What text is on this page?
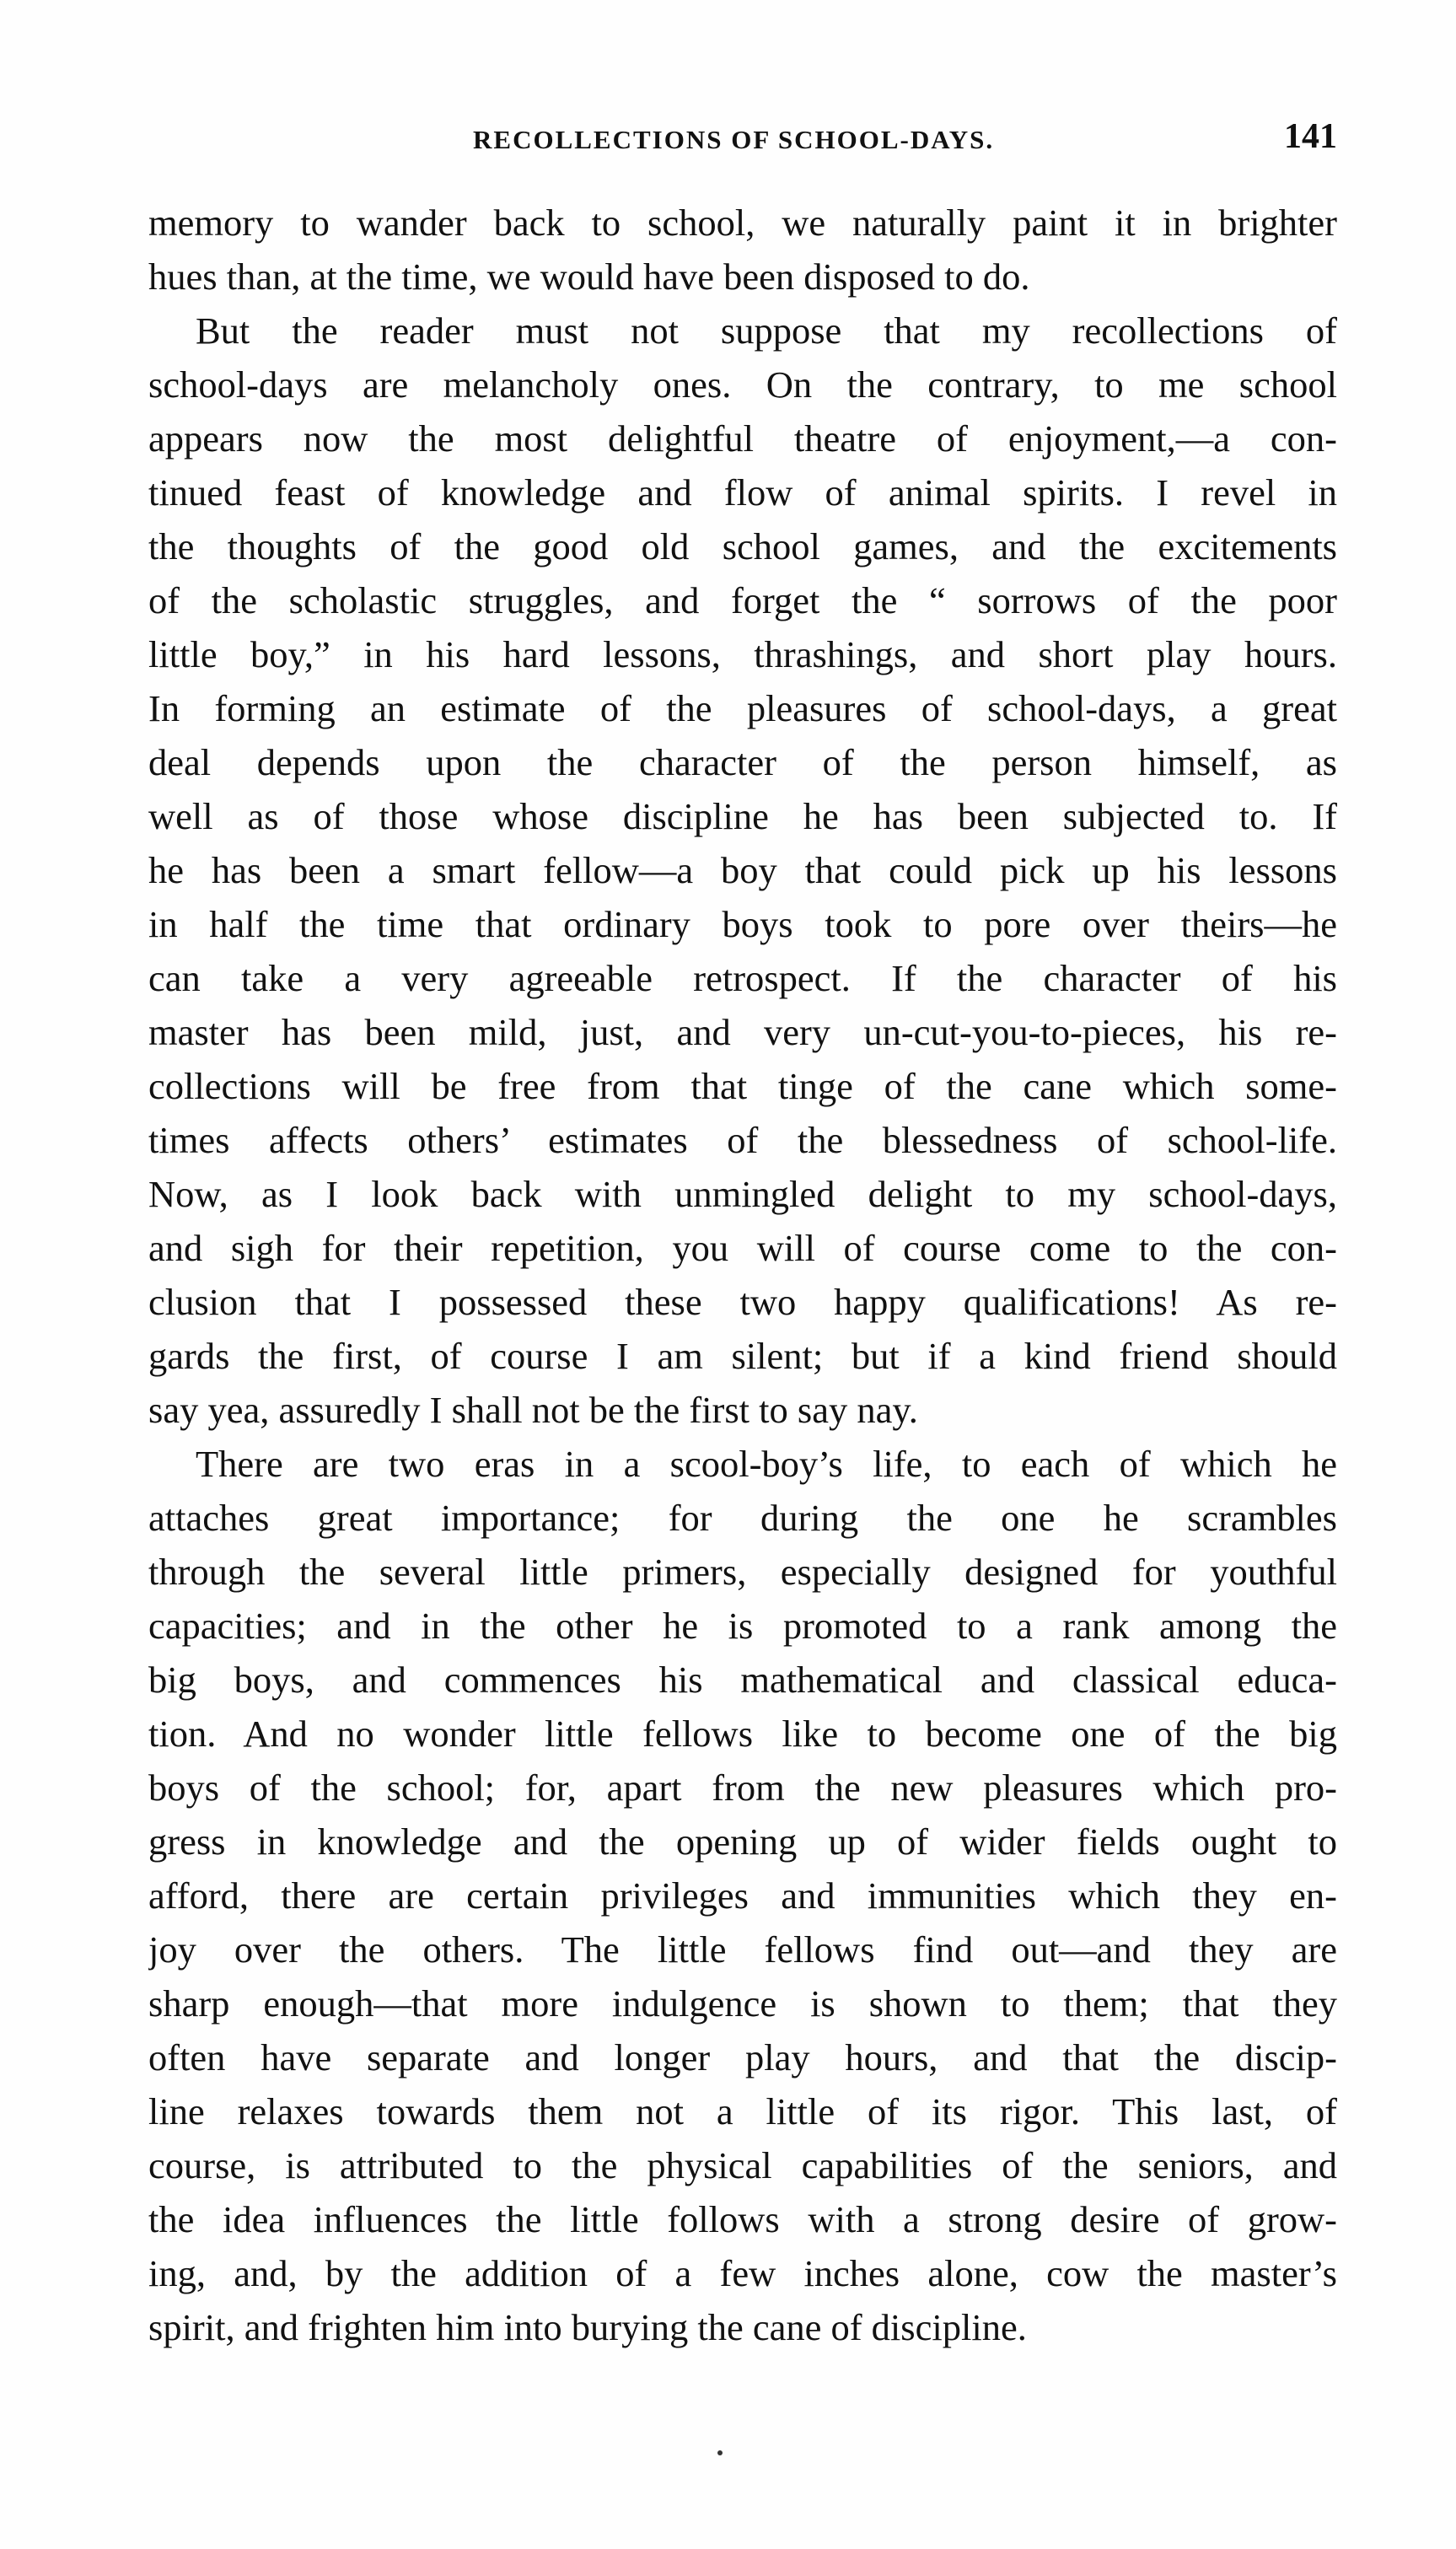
RECOLLECTIONS OF SCHOOL-DAYS.	141
memory to wander back to school, we naturally paint it in brighter
hues than, at the time, we would have been disposed to do.
But the reader must not suppose that my recollections of
school-days are melancholy ones. On the contrary, to me school
appears now the most delightful theatre of enjoyment,—a con-
tinued feast of knowledge and flow of animal spirits. I revel in
the thoughts of the good old school games, and the excitements
of the scholastic struggles, and forget the “ sorrows of the poor
little boy,” in his hard lessons, thrashings, and short play hours.
In forming an estimate of the pleasures of school-days, a great
deal depends upon the character of the person himself, as
well as of those whose discipline he has been subjected to. If
he has been a smart fellow—a boy that could pick up his lessons
in half the time that ordinary boys took to pore over theirs—he
can take a very agreeable retrospect. If the character of his
master has been mild, just, and very un-cut-you-to-pieces, his re-
collections will be free from that tinge of the cane which some-
times affects others’ estimates of the blessedness of school-life.
Now, as I look back with unmingled delight to my school-days,
and sigh for their repetition, you will of course come to the con-
clusion that I possessed these two happy qualifications! As re-
gards the first, of course I am silent; but if a kind friend should
say yea, assuredly I shall not be the first to say nay.
There are two eras in a scool-boy’s life, to each of which he
attaches great importance; for during the one he scrambles
through the several little primers, especially designed for youthful
capacities; and in the other he is promoted to a rank among the
big boys, and commences his mathematical and classical educa-
tion. And no wonder little fellows like to become one of the big
boys of the school; for, apart from the new pleasures which pro-
gress in knowledge and the opening up of wider fields ought to
afford, there are certain privileges and immunities which they en-
joy over the others. The little fellows find out—and they are
sharp enough—that more indulgence is shown to them; that they
often have separate and longer play hours, and that the discip-
line relaxes towards them not a little of its rigor. This last, of
course, is attributed to the physical capabilities of the seniors, and
the idea influences the little follows with a strong desire of grow-
ing, and, by the addition of a few inches alone, cow the master’s
spirit, and frighten him into burying the cane of discipline.
